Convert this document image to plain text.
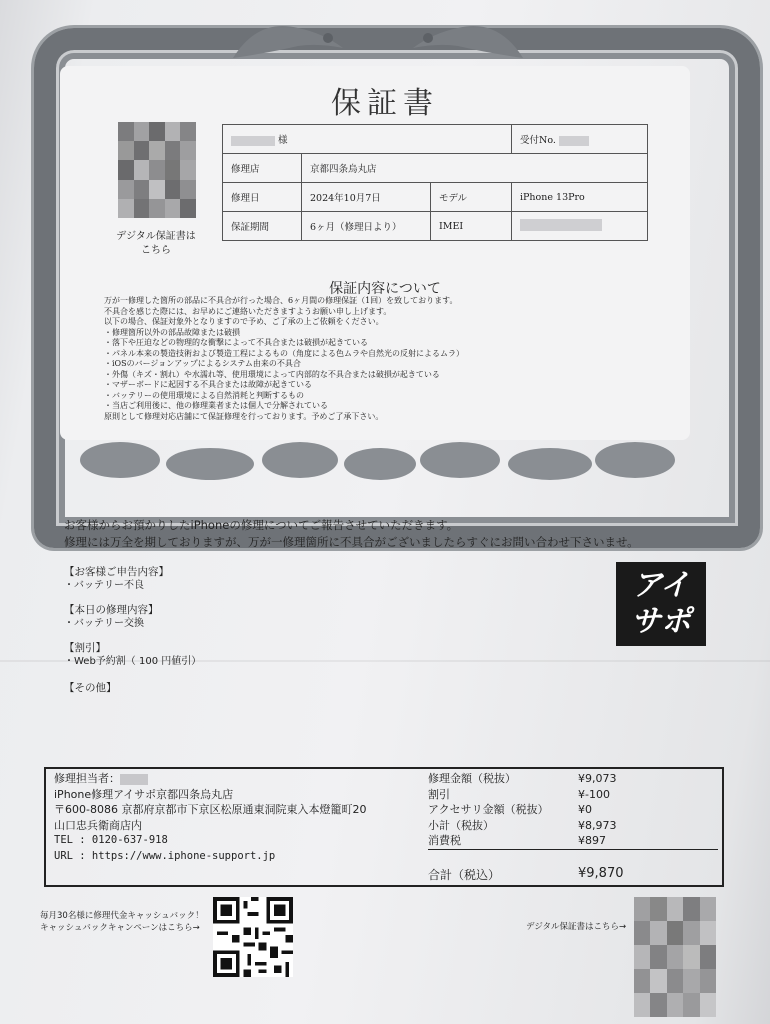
保証書
デジタル保証書は
こちら
様			受付No.
修理店	京都四条烏丸店		
修理日	2024年10月7日	モデル	iPhone 13Pro
保証期間	6ヶ月（修理日より）	IMEI	
保証内容について
万が一修理した箇所の部品に不具合が行った場合、6ヶ月間の修理保証（1回）を致しております。
不具合を感じた際には、お早めにご連絡いただきますようお願い申し上げます。
以下の場合、保証対象外となりますので予め、ご了承の上ご依頼をください。
・修理箇所以外の部品故障または破損
・落下や圧迫などの物理的な衝撃によって不具合または破損が起きている
・パネル本来の製造技術および製造工程によるもの（角度による色ムラや自然光の反射によるムラ）
・iOSのバージョンアップによるシステム由来の不具合
・外傷（キズ・割れ）や水濡れ等、使用環境によって内部的な不具合または破損が起きている
・マザーボードに起因する不具合または故障が起きている
・バッテリーの使用環境による自然消耗と判断するもの
・当店ご利用後に、他の修理業者または個人で分解されている
原則として修理対応店舗にて保証修理を行っております。予めご了承下さい。
お客様からお預かりしたiPhoneの修理についてご報告させていただきます。
修理には万全を期しておりますが、万が一修理箇所に不具合がございましたらすぐにお問い合わせ下さいませ。
【お客様ご申告内容】
・バッテリー不良
【本日の修理内容】
・バッテリー交換
【割引】
・Web予約割（ 100 円値引）
【その他】
アイ
サポ
修理担当者：
iPhone修理アイサポ京都四条烏丸店
〒600-8086 京都府京都市下京区松原通東洞院東入本燈籠町20
山口忠兵衛商店内
TEL : 0120-637-918
URL : https://www.iphone-support.jp
修理金額（税抜）	¥9,073
割引	¥-100
アクセサリ金額（税抜）	¥0
小計（税抜）	¥8,973
消費税	¥897
合計（税込）	¥9,870
毎月30名様に修理代金キャッシュバック！
キャッシュバックキャンペーンはこちら→	デジタル保証書はこちら→
